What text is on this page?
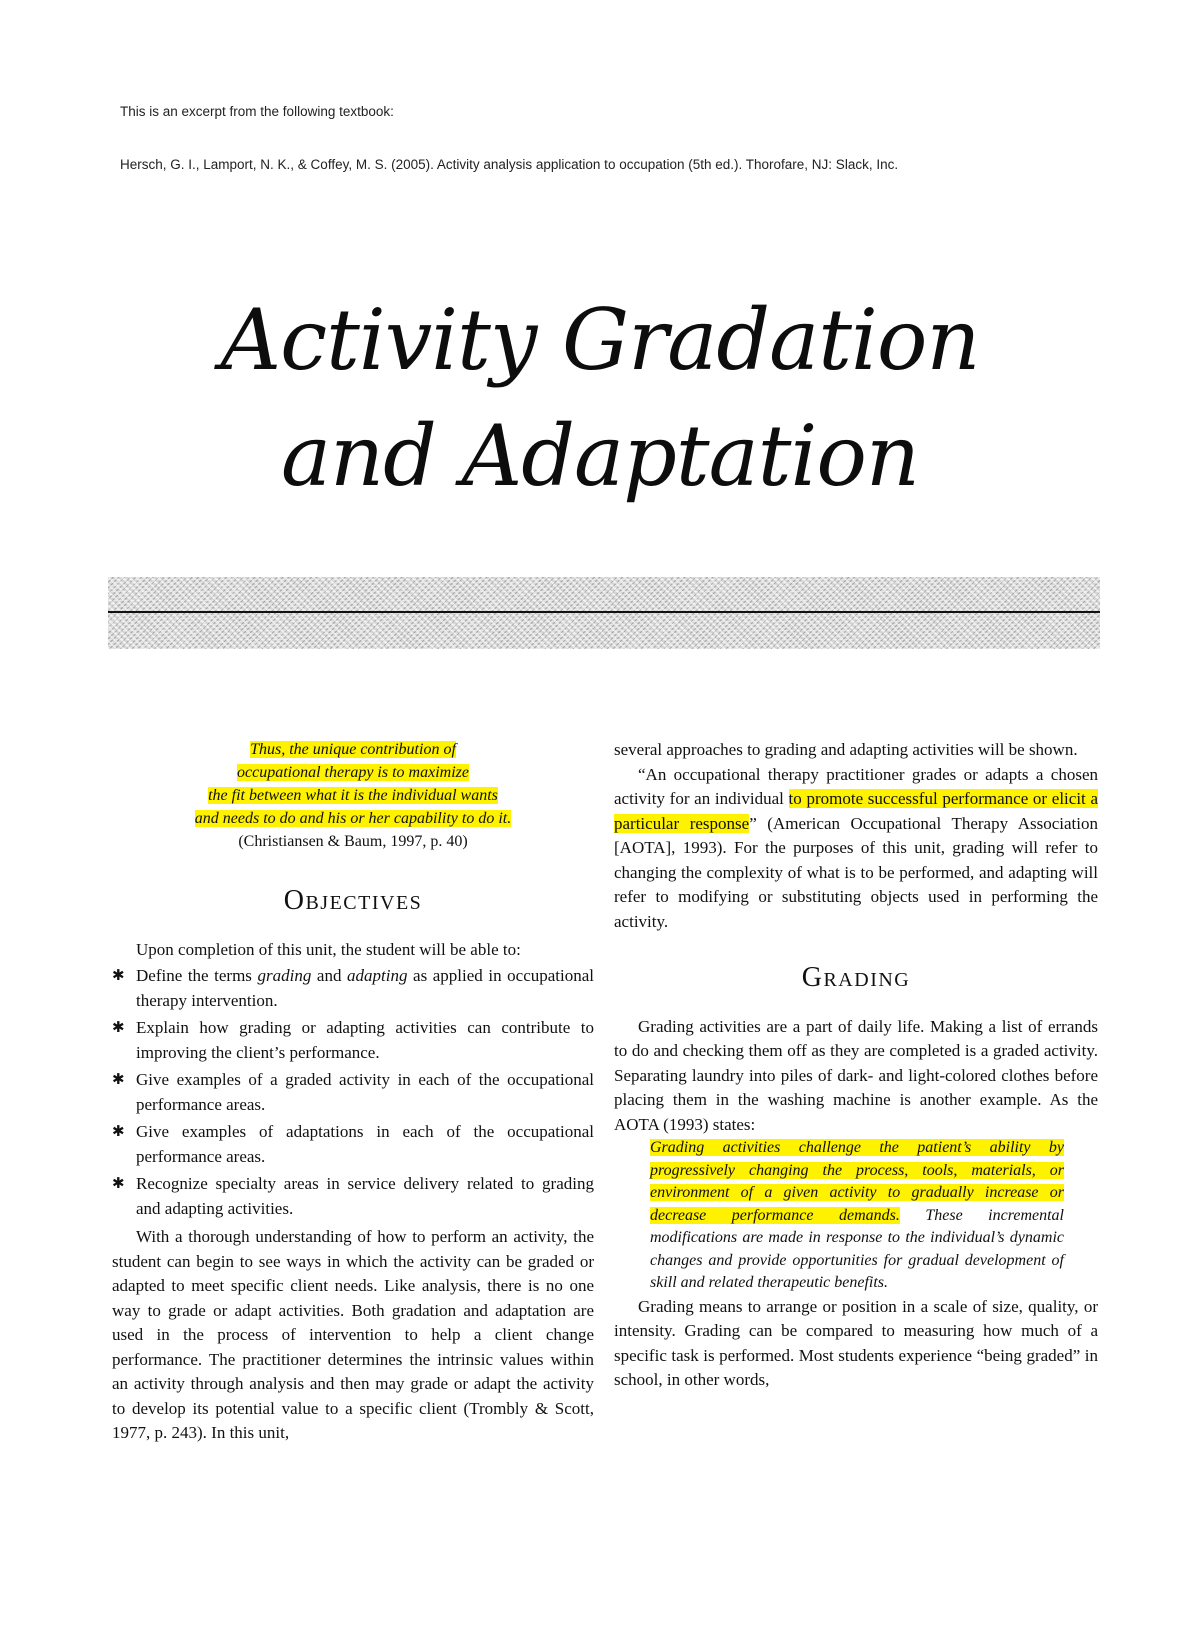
This is an excerpt from the following textbook:
Hersch, G. I., Lamport, N. K., & Coffey, M. S. (2005). Activity analysis application to occupation (5th ed.). Thorofare, NJ: Slack, Inc.
Activity Gradation
and Adaptation

Thus, the unique contribution of
occupational therapy is to maximize
the fit between what it is the individual wants
and needs to do and his or her capability to do it.
(Christiansen & Baum, 1997, p. 40)

Objectives

Upon completion of this unit, the student will be able to:

✱ Define the terms grading and adapting as applied in occupational therapy intervention.
✱ Explain how grading or adapting activities can contribute to improving the client’s performance.
✱ Give examples of a graded activity in each of the occupational performance areas.
✱ Give examples of adaptations in each of the occupational performance areas.
✱ Recognize specialty areas in service delivery related to grading and adapting activities.

With a thorough understanding of how to perform an activity, the student can begin to see ways in which the activity can be graded or adapted to meet specific client needs. Like analysis, there is no one way to grade or adapt activities. Both gradation and adaptation are used in the process of intervention to help a client change performance. The practitioner determines the intrinsic values within an activity through analysis and then may grade or adapt the activity to develop its potential value to a specific client (Trombly & Scott, 1977, p. 243). In this unit,

several approaches to grading and adapting activities will be shown.

“An occupational therapy practitioner grades or adapts a chosen activity for an individual to promote successful performance or elicit a particular response” (American Occupational Therapy Association [AOTA], 1993). For the purposes of this unit, grading will refer to changing the complexity of what is to be performed, and adapting will refer to modifying or substituting objects used in performing the activity.

Grading

Grading activities are a part of daily life. Making a list of errands to do and checking them off as they are completed is a graded activity. Separating laundry into piles of dark- and light-colored clothes before placing them in the washing machine is another example. As the AOTA (1993) states:

Grading activities challenge the patient’s ability by progressively changing the process, tools, materials, or environment of a given activity to gradually increase or decrease performance demands. These incremental modifications are made in response to the individual’s dynamic changes and provide opportunities for gradual development of skill and related therapeutic benefits.

Grading means to arrange or position in a scale of size, quality, or intensity. Grading can be compared to measuring how much of a specific task is performed. Most students experience “being graded” in school, in other words,
